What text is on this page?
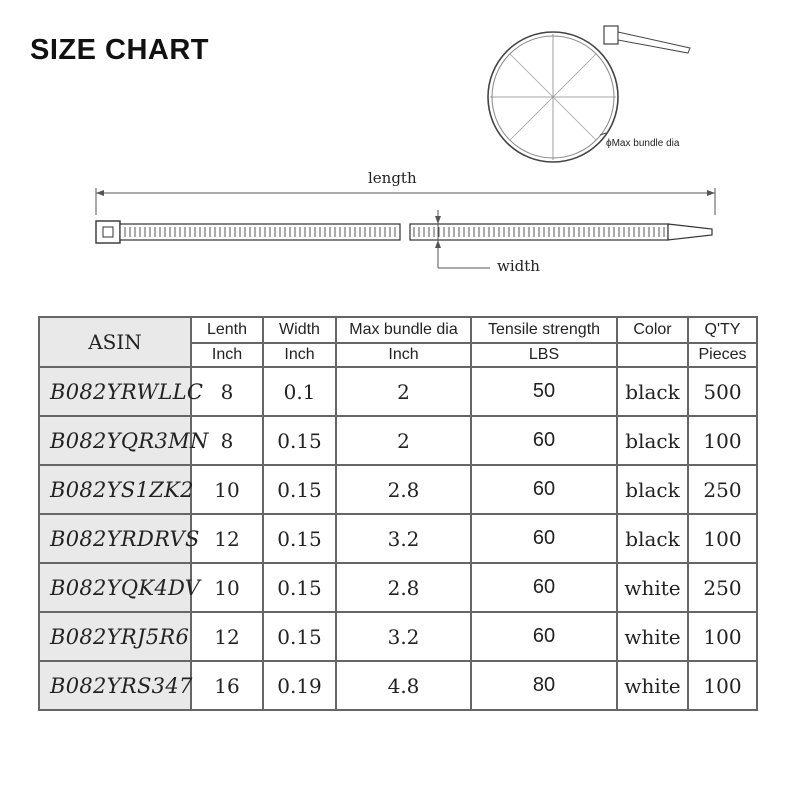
SIZE CHART
ϕMax bundle dia
length
width
ASIN	Lenth	Width	Max bundle dia	Tensile strength	Color	Q'TY
	Inch	Inch	Inch	LBS		Pieces
B082YRWLLC	8	0.1	2	50	black	500
B082YQR3MN	8	0.15	2	60	black	100
B082YS1ZK2	10	0.15	2.8	60	black	250
B082YRDRVS	12	0.15	3.2	60	black	100
B082YQK4DV	10	0.15	2.8	60	white	250
B082YRJ5R6	12	0.15	3.2	60	white	100
B082YRS347	16	0.19	4.8	80	white	100
